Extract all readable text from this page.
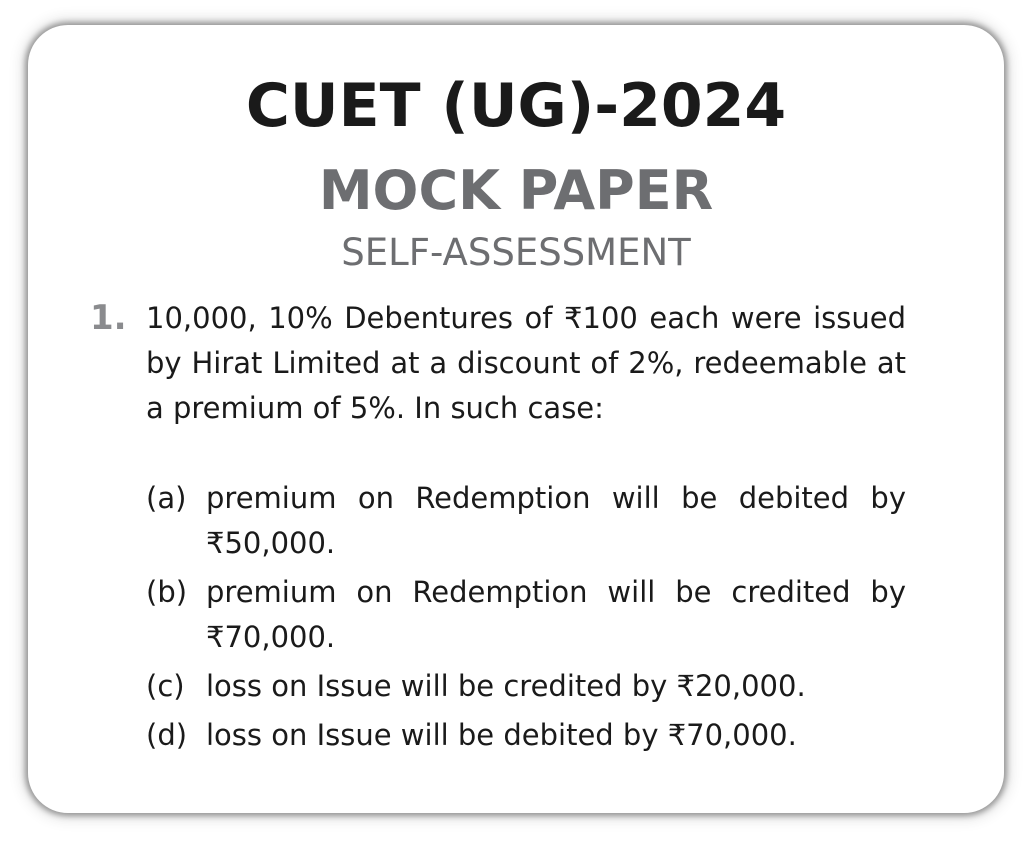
CUET (UG)-2024
MOCK PAPER
SELF-ASSESSMENT
1. 10,000, 10% Debentures of ₹100 each were issued by Hirat Limited at a discount of 2%, redeemable at a premium of 5%. In such case:

(a) premium on Redemption will be debited by ₹50,000.
(b) premium on Redemption will be credited by ₹70,000.
(c) loss on Issue will be credited by ₹20,000.
(d) loss on Issue will be debited by ₹70,000.
